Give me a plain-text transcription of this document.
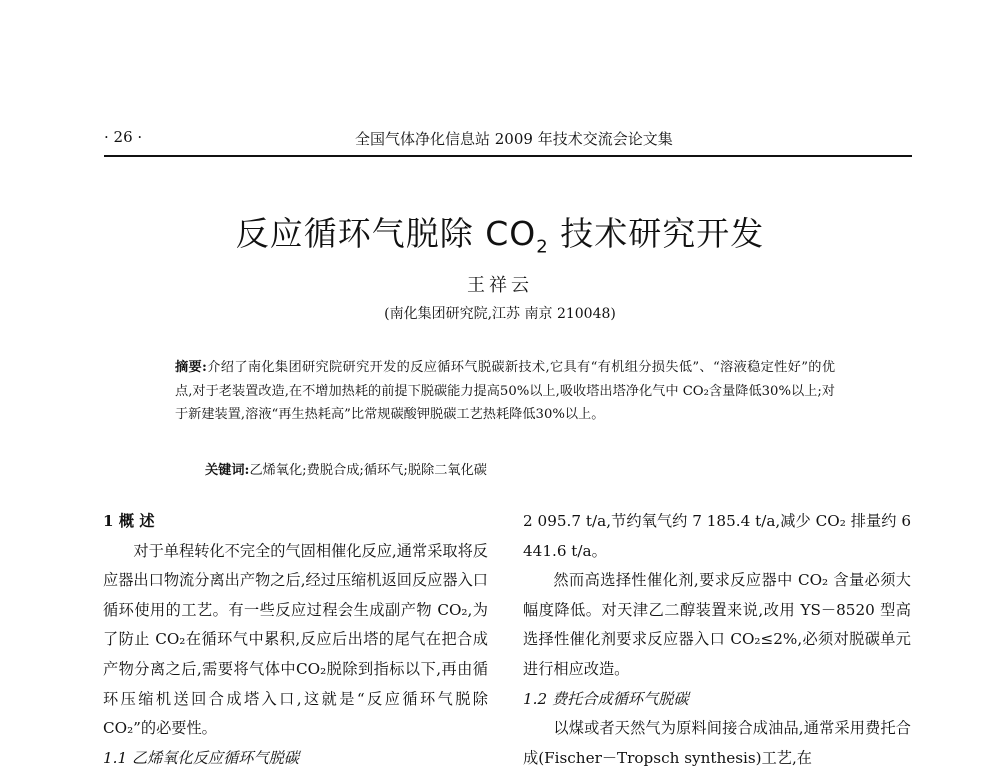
· 26 ·	全国气体净化信息站 2009 年技术交流会论文集
反应循环气脱除 $CO_2$ 技术研究开发
王祥云
(南化集团研究院,江苏 南京 210048)
摘要:介绍了南化集团研究院研究开发的反应循环气脱碳新技术,它具有“有机组分损失低”、“溶液稳定性好”的优点,对于老装置改造,在不增加热耗的前提下脱碳能力提高50%以上,吸收塔出塔净化气中 CO₂含量降低30%以上;对于新建装置,溶液“再生热耗高”比常规碳酸钾脱碳工艺热耗降低30%以上。
关键词:乙烯氧化;费脱合成;循环气;脱除二氧化碳

1 概 述

对于单程转化不完全的气固相催化反应,通常采取将反应器出口物流分离出产物之后,经过压缩机返回反应器入口循环使用的工艺。有一些反应过程会生成副产物 CO₂,为了防止 CO₂在循环气中累积,反应后出塔的尾气在把合成产物分离之后,需要将气体中CO₂脱除到指标以下,再由循环压缩机送回合成塔入口,这就是“反应循环气脱除 CO₂”的必要性。

1.1 乙烯氧化反应循环气脱碳

2 095.7 t/a,节约氧气约 7 185.4 t/a,减少 CO₂ 排量约 6 441.6 t/a。

然而高选择性催化剂,要求反应器中 CO₂ 含量必须大幅度降低。对天津乙二醇装置来说,改用 YS－8520 型高选择性催化剂要求反应器入口 CO₂≤2%,必须对脱碳单元进行相应改造。

1.2 费托合成循环气脱碳

以煤或者天然气为原料间接合成油品,通常采用费托合成(Fischer－Tropsch synthesis)工艺,在
